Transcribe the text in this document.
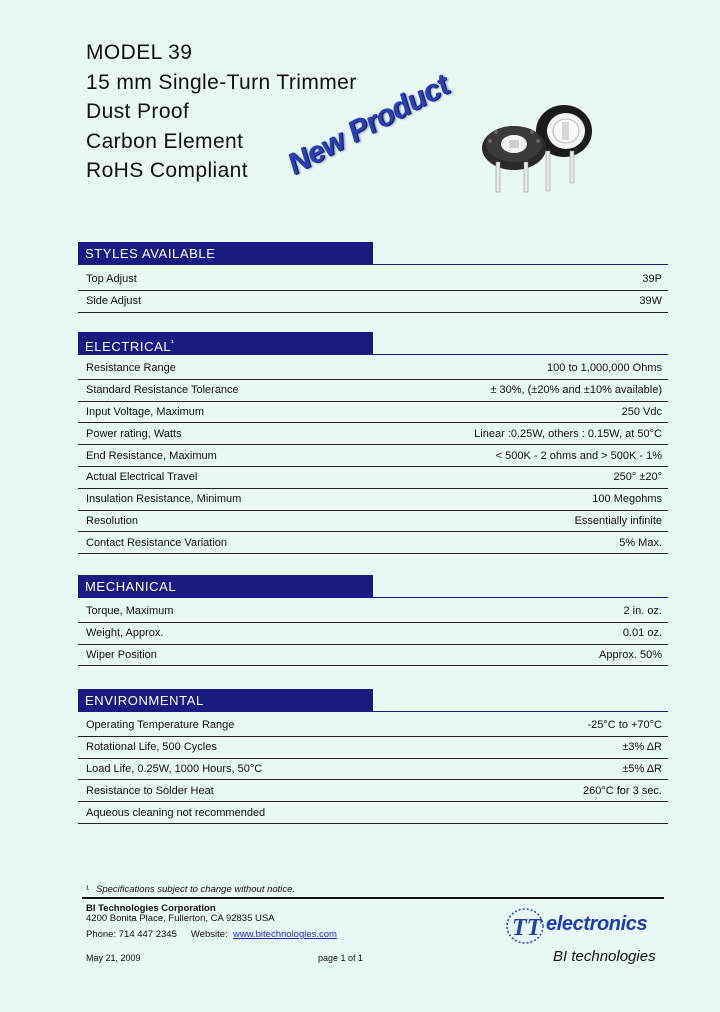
MODEL 39
15 mm Single-Turn Trimmer
Dust Proof
Carbon Element
RoHS Compliant	New Product
STYLES AVAILABLE
Top Adjust	39P
Side Adjust	39W
$ELECTRICAL^{^1}$
Resistance Range	100 to 1,000,000 Ohms
Standard Resistance Tolerance	± 30%, (±20% and ±10% available)
Input Voltage, Maximum	250 Vdc
Power rating, Watts	Linear :0.25W, others : 0.15W, at 50°C
End Resistance, Maximum	< 500K - 2 ohms and > 500K - 1%
Actual Electrical Travel	250° ±20°
Insulation Resistance, Minimum	100 Megohms
Resolution	Essentially infinite
Contact Resistance Variation	5% Max.
MECHANICAL
Torque, Maximum	2 in. oz.
Weight, Approx.	0.01 oz.
Wiper Position	Approx. 50%
ENVIRONMENTAL
Operating Temperature Range	-25°C to +70°C
Rotational Life, 500 Cycles	±3% ΔR
Load Life, 0.25W, 1000 Hours, 50°C	±5% ΔR
Resistance to Solder Heat	260°C for 3 sec.
Aqueous cleaning not recommended
¹ Specifications subject to change without notice.
BI Technologies Corporation
4200 Bonita Place, Fullerton, CA 92835 USA
Phone: 714 447 2345 Website: www.bitechnologies.com
May 21, 2009	page 1 of 1
TT electronics
BI technologies
